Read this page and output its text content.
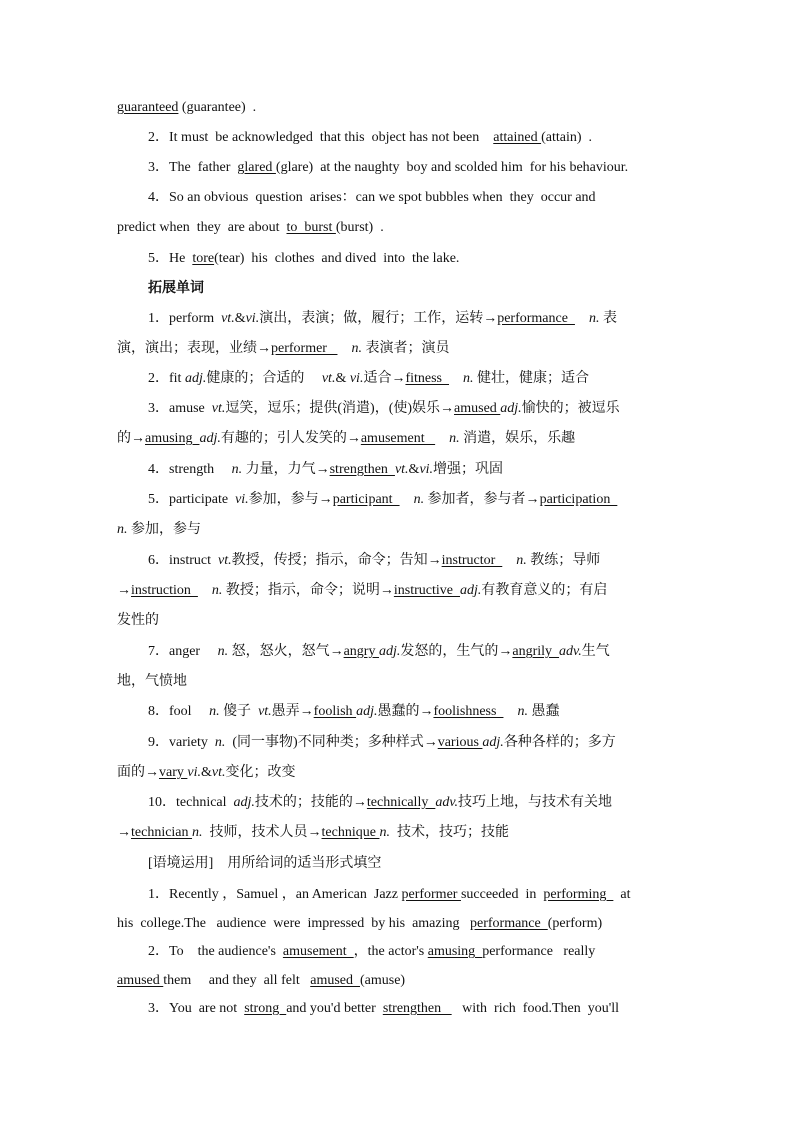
guaranteed (guarantee)  .
2．It must  be acknowledged  that this  object has not been    attained (attain)  .
3．The  father  glared (glare)  at the naughty  boy and scolded him  for his behaviour.
4．So an obvious  question  arises：can we spot bubbles when  they  occur and
predict when  they  are about  to  burst (burst)  .
5．He  tore(tear)  his  clothes  and dived  into  the lake.
拓展单词
1．perform  vt.&vi.演出，表演；做，履行；工作，运转→performance      n. 表
演，演出；表现，业绩→performer       n. 表演者；演员
2．fit adj.健康的；合适的     vt.& vi.适合→fitness      n. 健壮，健康；适合
3．amuse  vt.逗笑，逗乐；提供(消遣)，(使)娱乐→amused adj.愉快的；被逗乐
的→amusing  adj.有趣的；引人发笑的→amusement       n. 消遣，娱乐，乐趣
4．strength     n. 力量，力气→strengthen  vt.&vi.增强；巩固
5．participate  vi.参加，参与→participant      n. 参加者，参与者→participation
n. 参加，参与
6．instruct  vt.教授，传授；指示，命令；告知→instructor      n. 教练；导师
→instruction      n. 教授；指示，命令；说明→instructive  adj.有教育意义的；有启
发性的
7．anger     n. 怒，怒火，怒气→angry adj.发怒的，生气的→angrily  adv.生气
地，气愤地
8．fool     n. 傻子  vt.愚弄→foolish adj.愚蠢的→foolishness      n. 愚蠢
9．variety  n.  (同一事物)不同种类；多种样式→various adj.各种各样的；多方
面的→vary vi.&vt.变化；改变
10．technical  adj.技术的；技能的→technically  adv.技巧上地，与技术有关地
→technician n.  技师，技术人员→technique n.  技术，技巧；技能
[语境运用]    用所给词的适当形式填空
1．Recently ，Samuel ，an American  Jazz performer succeeded  in  performing    at
his  college.The   audience  were  impressed  by his  amazing   performance  (perform)
2．To    the audience's  amusement  ，the actor's amusing  performance   really
amused them     and they  all felt   amused  (amuse)
3．You  are not  strong  and you'd better  strengthen      with  rich  food.Then  you'll
